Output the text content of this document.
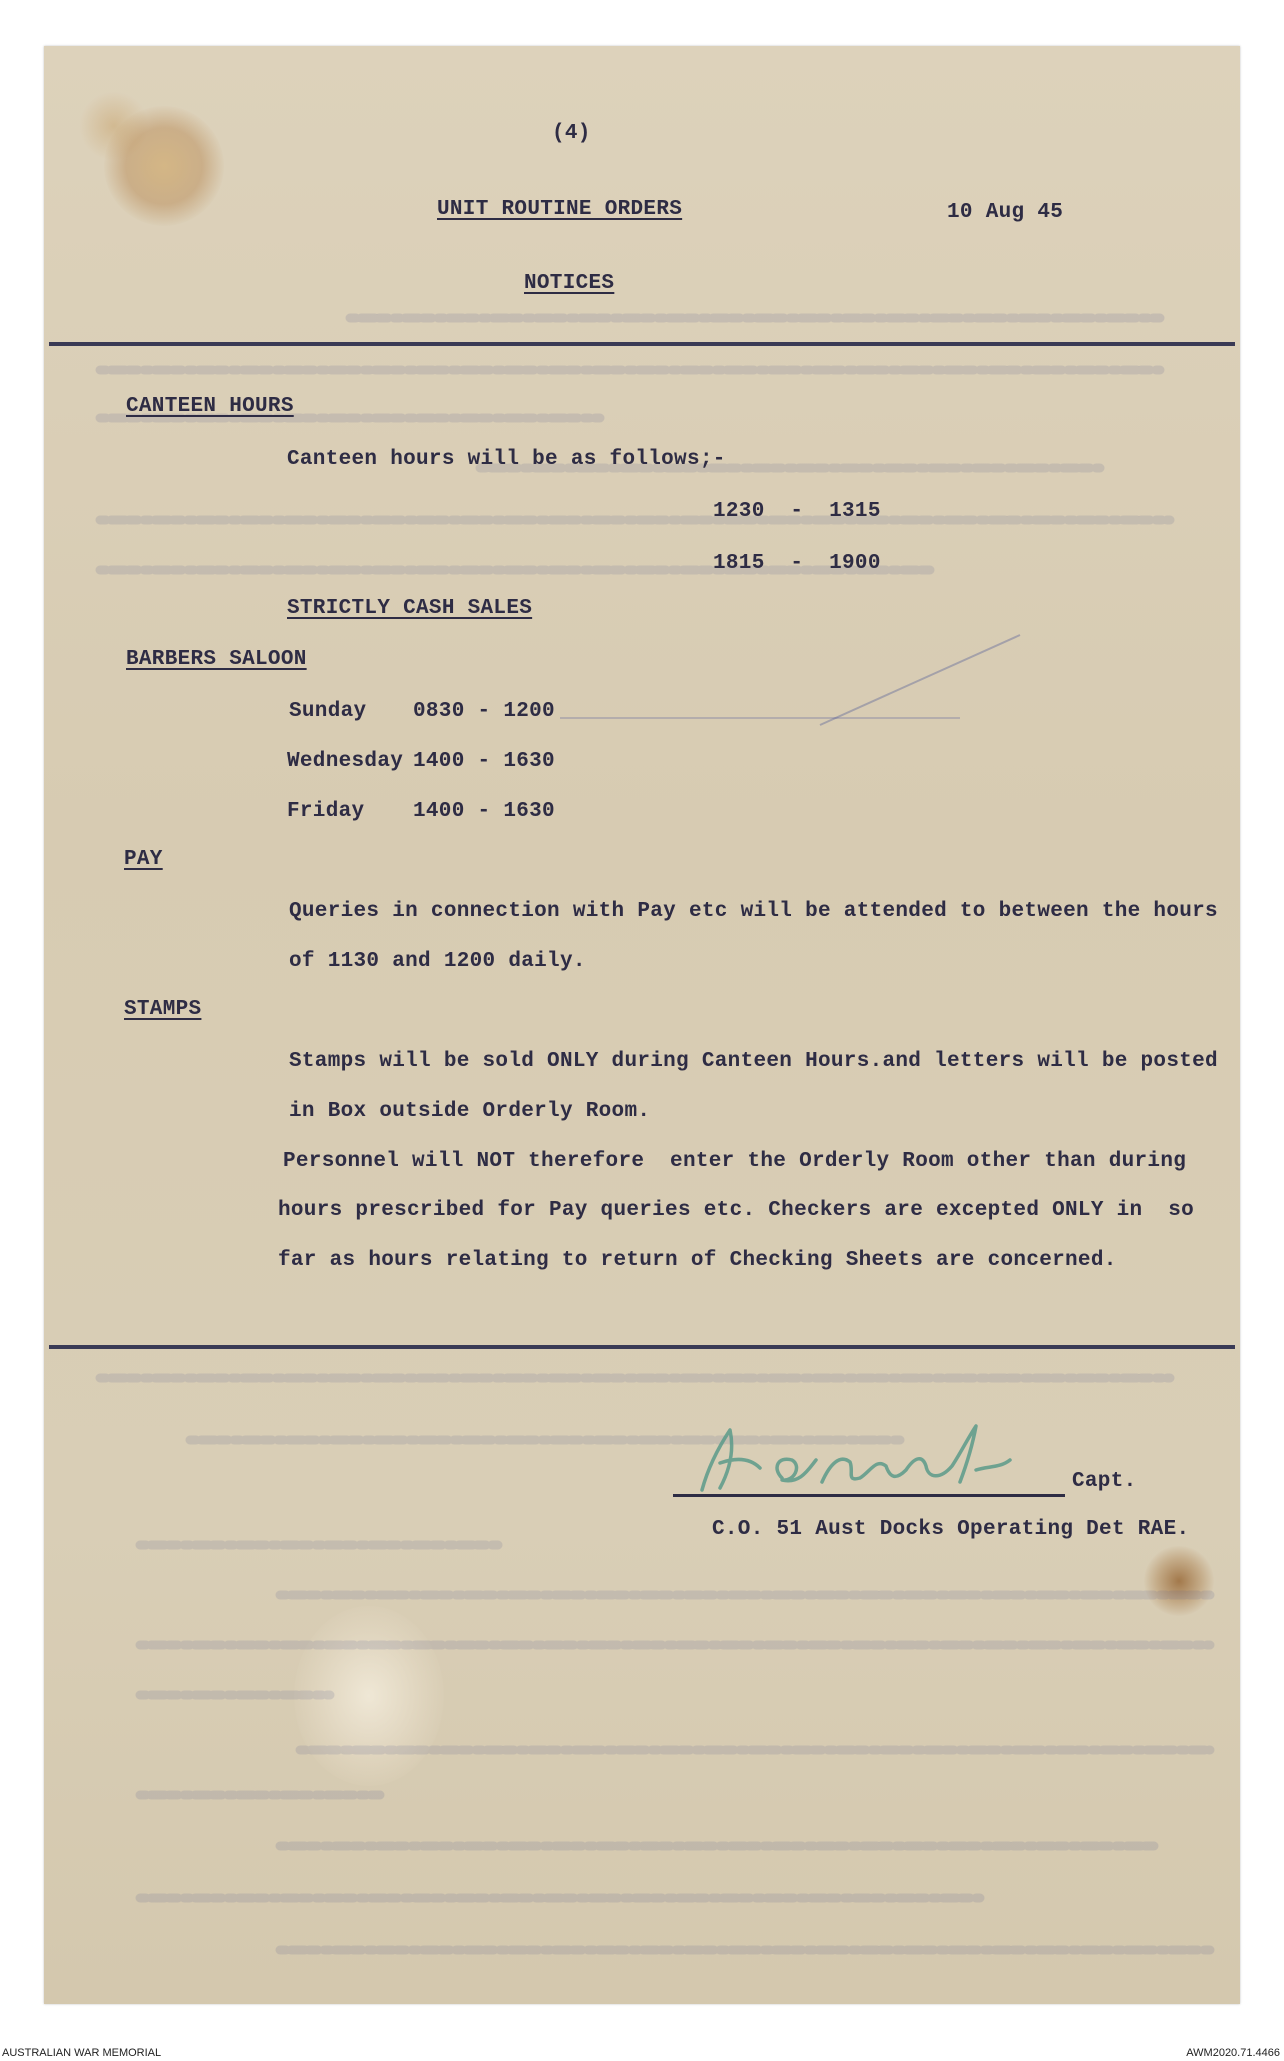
(4)
UNIT ROUTINE ORDERS	10 Aug 45
NOTICES
CANTEEN HOURS
Canteen hours will be as follows;-
1230  -  1315
1815  -  1900
STRICTLY CASH SALES
BARBERS SALOON
Sunday 0830 - 1200
Wednesday 1400 - 1630
Friday 1400 - 1630
PAY
Queries in connection with Pay etc will be attended to between the hours
of 1130 and 1200 daily.
STAMPS
Stamps will be sold ONLY during Canteen Hours.and letters will be posted
in Box outside Orderly Room.
Personnel will NOT therefore  enter the Orderly Room other than during
hours prescribed for Pay queries etc. Checkers are excepted ONLY in  so
far as hours relating to return of Checking Sheets are concerned.
Capt.
C.O. 51 Aust Docks Operating Det RAE.
AUSTRALIAN WAR MEMORIAL	AWM2020.71.4466
